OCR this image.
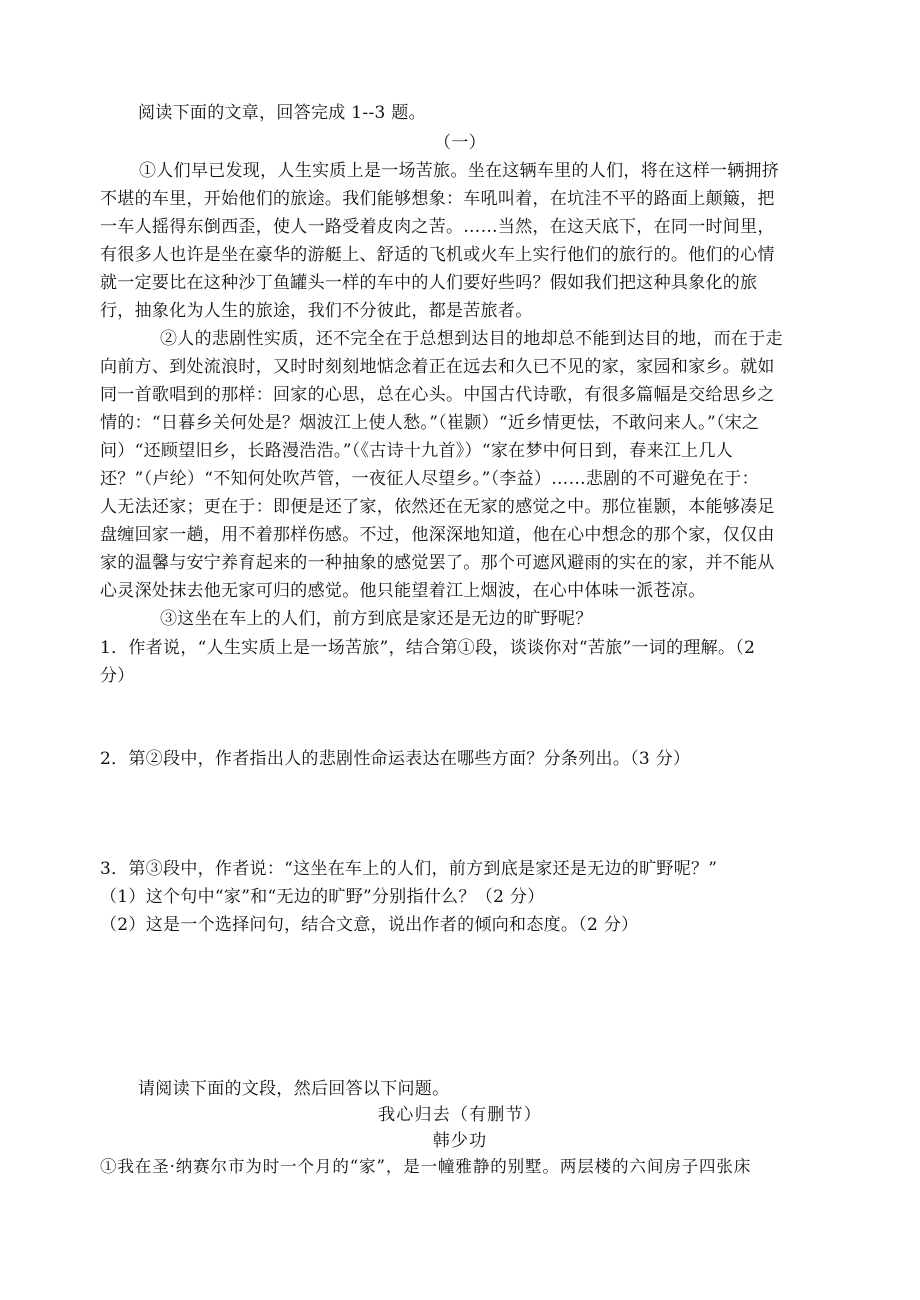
阅读下面的文章，回答完成 1--3 题。
（一）
①人们早已发现，人生实质上是一场苦旅。坐在这辆车里的人们，将在这样一辆拥挤
不堪的车里，开始他们的旅途。我们能够想象：车吼叫着，在坑洼不平的路面上颠簸，把
一车人摇得东倒西歪，使人一路受着皮肉之苦。……当然，在这天底下，在同一时间里，
有很多人也许是坐在豪华的游艇上、舒适的飞机或火车上实行他们的旅行的。他们的心情
就一定要比在这种沙丁鱼罐头一样的车中的人们要好些吗？假如我们把这种具象化的旅
行，抽象化为人生的旅途，我们不分彼此，都是苦旅者。
②人的悲剧性实质，还不完全在于总想到达目的地却总不能到达目的地，而在于走
向前方、到处流浪时，又时时刻刻地惦念着正在远去和久已不见的家，家园和家乡。就如
同一首歌唱到的那样：回家的心思，总在心头。中国古代诗歌，有很多篇幅是交给思乡之
情的：“日暮乡关何处是？烟波江上使人愁。”（崔颢）“近乡情更怯，不敢问来人。”（宋之
问）“还顾望旧乡，长路漫浩浩。”（《古诗十九首》）“家在梦中何日到，春来江上几人
还？”（卢纶）“不知何处吹芦管，一夜征人尽望乡。”（李益）……悲剧的不可避免在于：
人无法还家；更在于：即便是还了家，依然还在无家的感觉之中。那位崔颢，本能够凑足
盘缠回家一趟，用不着那样伤感。不过，他深深地知道，他在心中想念的那个家，仅仅由
家的温馨与安宁养育起来的一种抽象的感觉罢了。那个可遮风避雨的实在的家，并不能从
心灵深处抹去他无家可归的感觉。他只能望着江上烟波，在心中体味一派苍凉。
③这坐在车上的人们，前方到底是家还是无边的旷野呢？
1．作者说，“人生实质上是一场苦旅”，结合第①段，谈谈你对“苦旅”一词的理解。（2
分）
2．第②段中，作者指出人的悲剧性命运表达在哪些方面？分条列出。（3 分）
3．第③段中，作者说：“这坐在车上的人们，前方到底是家还是无边的旷野呢？”
（1）这个句中“家”和“无边的旷野”分别指什么？（2 分）
（2）这是一个选择问句，结合文意，说出作者的倾向和态度。（2 分）
请阅读下面的文段，然后回答以下问题。
我心归去（有删节）
韩少功
①我在圣·纳赛尔市为时一个月的“家”，是一幢雅静的别墅。两层楼的六间房子四张床
